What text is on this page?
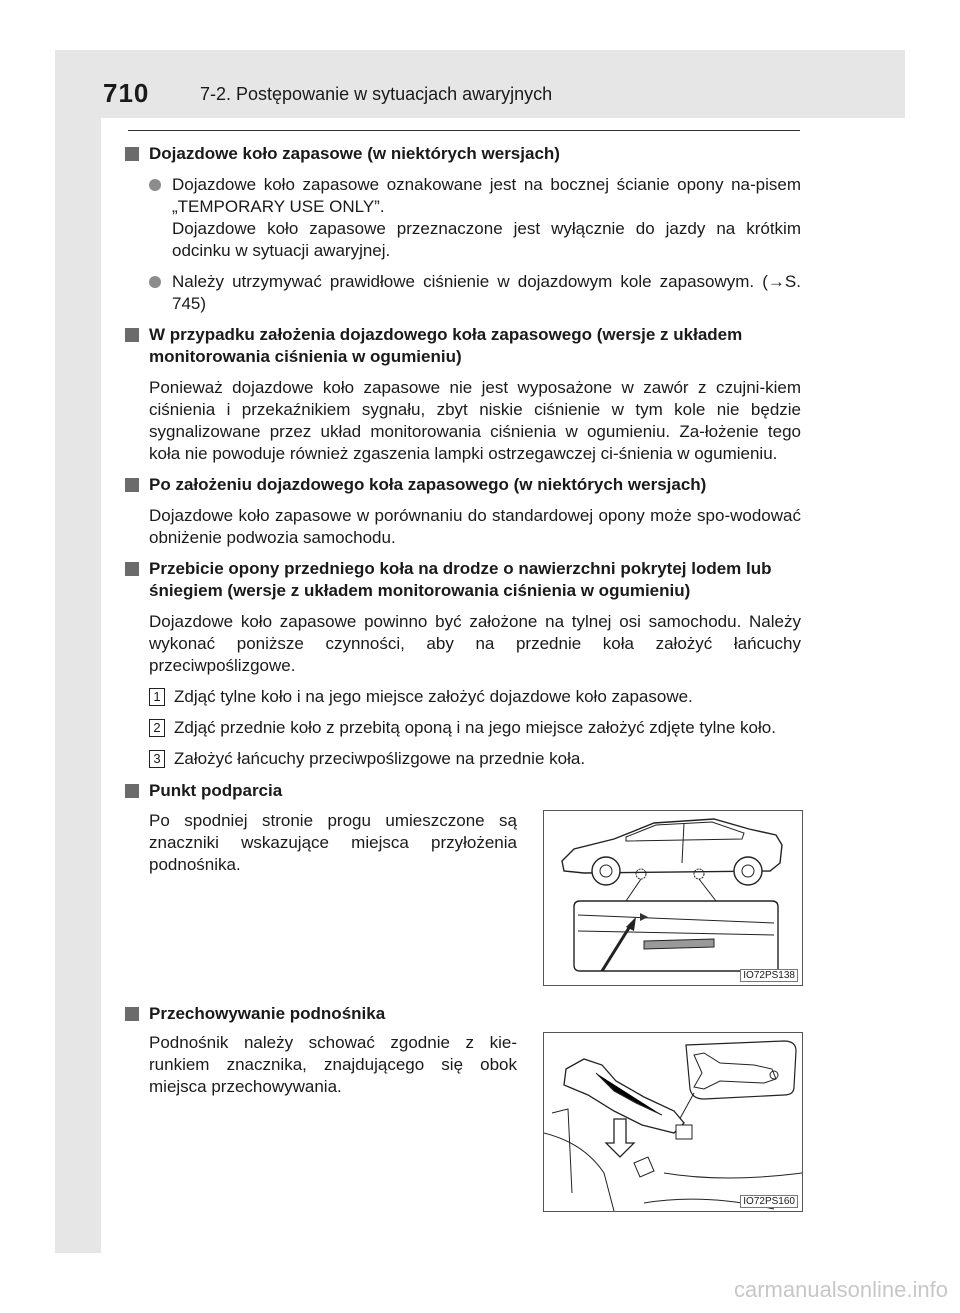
710	7-2. Postępowanie w sytuacjach awaryjnych
Dojazdowe koło zapasowe (w niektórych wersjach)
Dojazdowe koło zapasowe oznakowane jest na bocznej ścianie opony na-pisem „TEMPORARY USE ONLY”.
Dojazdowe koło zapasowe przeznaczone jest wyłącznie do jazdy na krótkim odcinku w sytuacji awaryjnej.
Należy utrzymywać prawidłowe ciśnienie w dojazdowym kole zapasowym. (→S. 745)
W przypadku założenia dojazdowego koła zapasowego (wersje z układem monitorowania ciśnienia w ogumieniu)
Ponieważ dojazdowe koło zapasowe nie jest wyposażone w zawór z czujni-kiem ciśnienia i przekaźnikiem sygnału, zbyt niskie ciśnienie w tym kole nie będzie sygnalizowane przez układ monitorowania ciśnienia w ogumieniu. Za-łożenie tego koła nie powoduje również zgaszenia lampki ostrzegawczej ci-śnienia w ogumieniu.
Po założeniu dojazdowego koła zapasowego (w niektórych wersjach)
Dojazdowe koło zapasowe w porównaniu do standardowej opony może spo-wodować obniżenie podwozia samochodu.
Przebicie opony przedniego koła na drodze o nawierzchni pokrytej lodem lub śniegiem (wersje z układem monitorowania ciśnienia w ogumieniu)
Dojazdowe koło zapasowe powinno być założone na tylnej osi samochodu. Należy wykonać poniższe czynności, aby na przednie koła założyć łańcuchy przeciwpoślizgowe.
1 Zdjąć tylne koło i na jego miejsce założyć dojazdowe koło zapasowe.
2 Zdjąć przednie koło z przebitą oponą i na jego miejsce założyć zdjęte tylne koło.
3 Założyć łańcuchy przeciwpoślizgowe na przednie koła.
Punkt podparcia
Po spodniej stronie progu umieszczone są znaczniki wskazujące miejsca przyłożenia podnośnika.
IO72PS138
Przechowywanie podnośnika
Podnośnik należy schować zgodnie z kie-runkiem znacznika, znajdującego się obok miejsca przechowywania.
IO72PS160
carmanualsonline.info
